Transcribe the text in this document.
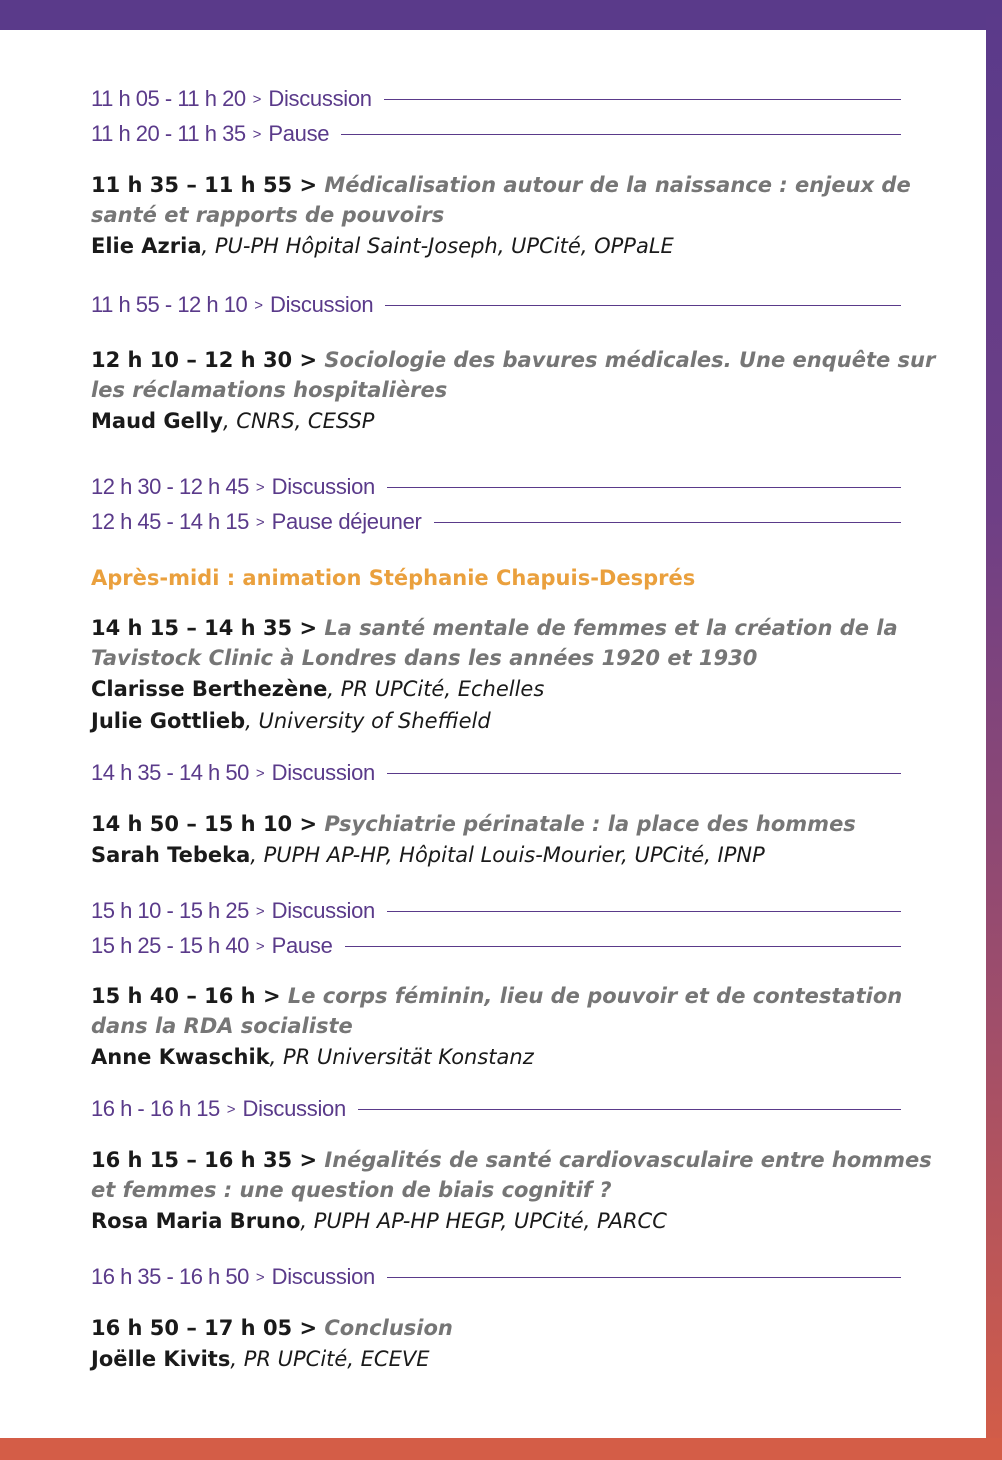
11 h 05 - 11 h 20 > Discussion
11 h 20 - 11 h 35 > Pause
11 h 35 – 11 h 55 > Médicalisation autour de la naissance : enjeux de
santé et rapports de pouvoirs
Elie Azria, PU-PH Hôpital Saint-Joseph, UPCité, OPPaLE
11 h 55 - 12 h 10 > Discussion
12 h 10 – 12 h 30 > Sociologie des bavures médicales. Une enquête sur
les réclamations hospitalières
Maud Gelly, CNRS, CESSP
12 h 30 - 12 h 45 > Discussion
12 h 45 - 14 h 15 > Pause déjeuner
Après-midi : animation Stéphanie Chapuis-Després
14 h 15 – 14 h 35 > La santé mentale de femmes et la création de la
Tavistock Clinic à Londres dans les années 1920 et 1930
Clarisse Berthezène, PR UPCité, Echelles
Julie Gottlieb, University of Sheffield
14 h 35 - 14 h 50 > Discussion
14 h 50 – 15 h 10 > Psychiatrie périnatale : la place des hommes
Sarah Tebeka, PUPH AP-HP, Hôpital Louis-Mourier, UPCité, IPNP
15 h 10 - 15 h 25 > Discussion
15 h 25 - 15 h 40 > Pause
15 h 40 – 16 h > Le corps féminin, lieu de pouvoir et de contestation
dans la RDA socialiste
Anne Kwaschik, PR Universität Konstanz
16 h - 16 h 15 > Discussion
16 h 15 – 16 h 35 > Inégalités de santé cardiovasculaire entre hommes
et femmes : une question de biais cognitif ?
Rosa Maria Bruno, PUPH AP-HP HEGP, UPCité, PARCC
16 h 35 - 16 h 50 > Discussion
16 h 50 – 17 h 05 > Conclusion
Joëlle Kivits, PR UPCité, ECEVE
